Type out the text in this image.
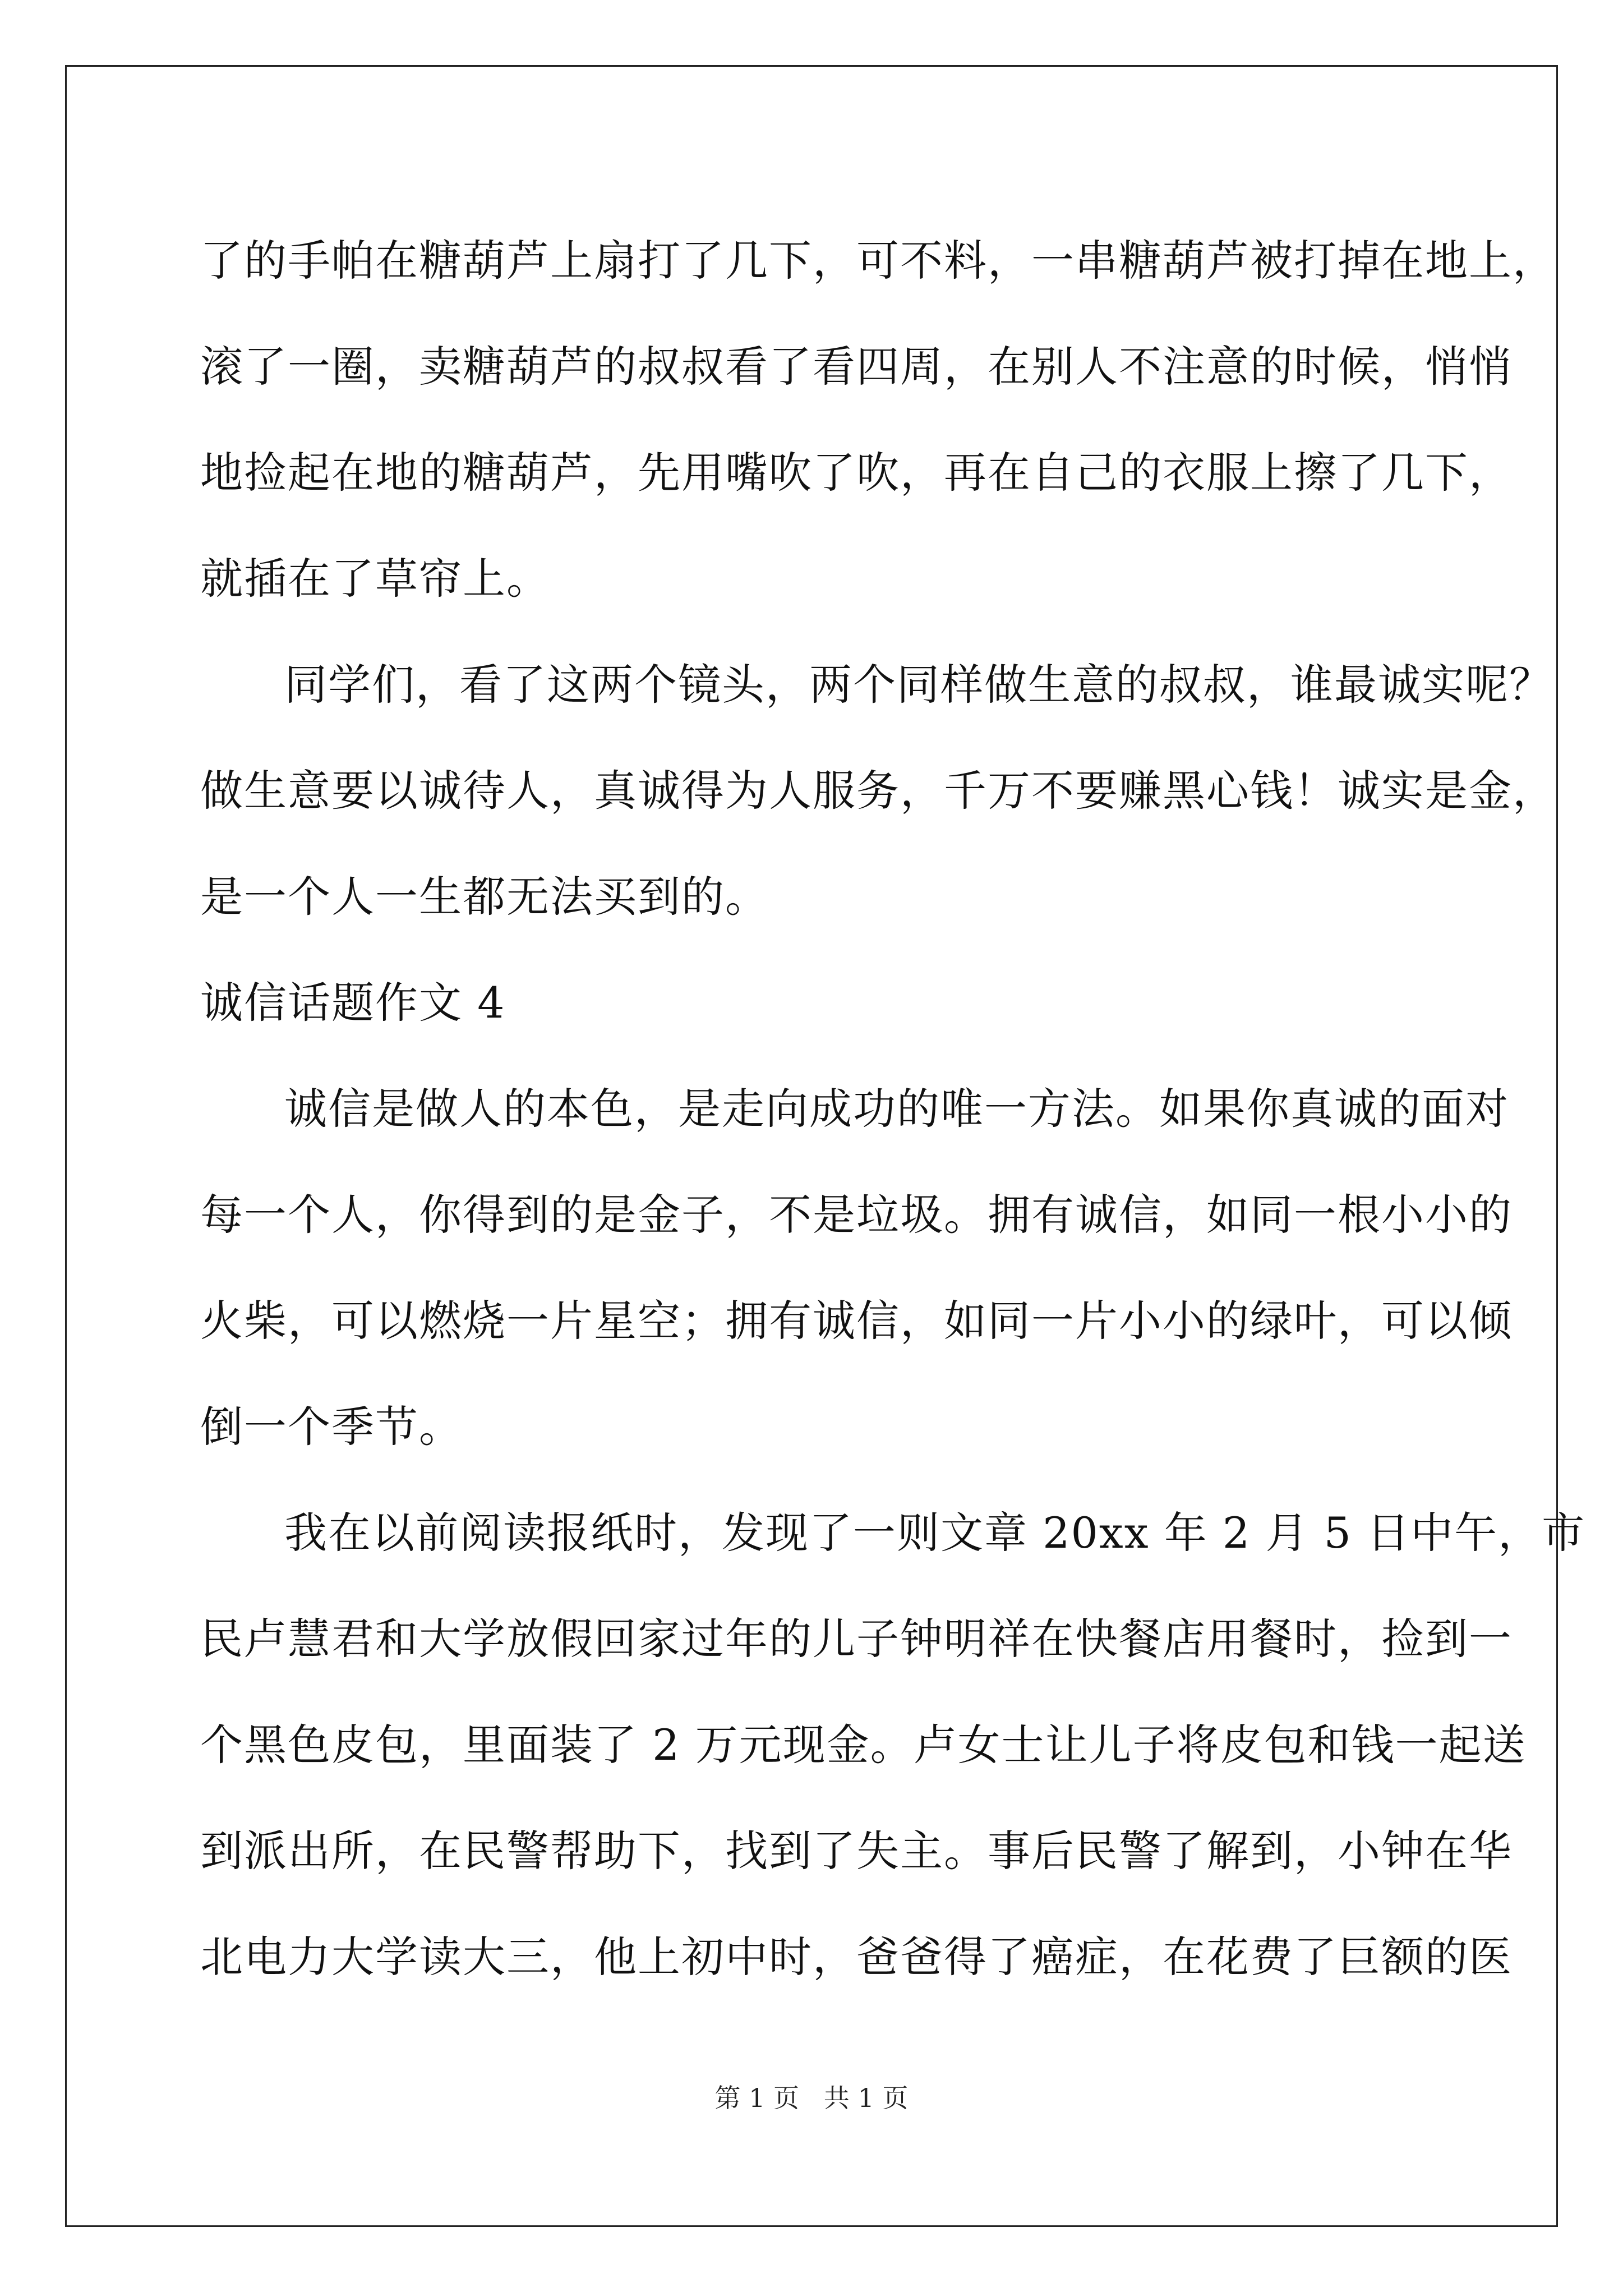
了的手帕在糖葫芦上扇打了几下，可不料，一串糖葫芦被打掉在地上，
滚了一圈，卖糖葫芦的叔叔看了看四周，在别人不注意的时候，悄悄
地捡起在地的糖葫芦，先用嘴吹了吹，再在自己的衣服上擦了几下，
就插在了草帘上。
同学们，看了这两个镜头，两个同样做生意的叔叔，谁最诚实呢？
做生意要以诚待人，真诚得为人服务，千万不要赚黑心钱！诚实是金，
是一个人一生都无法买到的。
诚信话题作文 4
诚信是做人的本色，是走向成功的唯一方法。如果你真诚的面对
每一个人，你得到的是金子，不是垃圾。拥有诚信，如同一根小小的
火柴，可以燃烧一片星空；拥有诚信，如同一片小小的绿叶，可以倾
倒一个季节。
我在以前阅读报纸时，发现了一则文章 20xx 年 2 月 5 日中午，市
民卢慧君和大学放假回家过年的儿子钟明祥在快餐店用餐时，捡到一
个黑色皮包，里面装了 2 万元现金。卢女士让儿子将皮包和钱一起送
到派出所，在民警帮助下，找到了失主。事后民警了解到，小钟在华
北电力大学读大三，他上初中时，爸爸得了癌症，在花费了巨额的医
第 1 页   共 1 页
